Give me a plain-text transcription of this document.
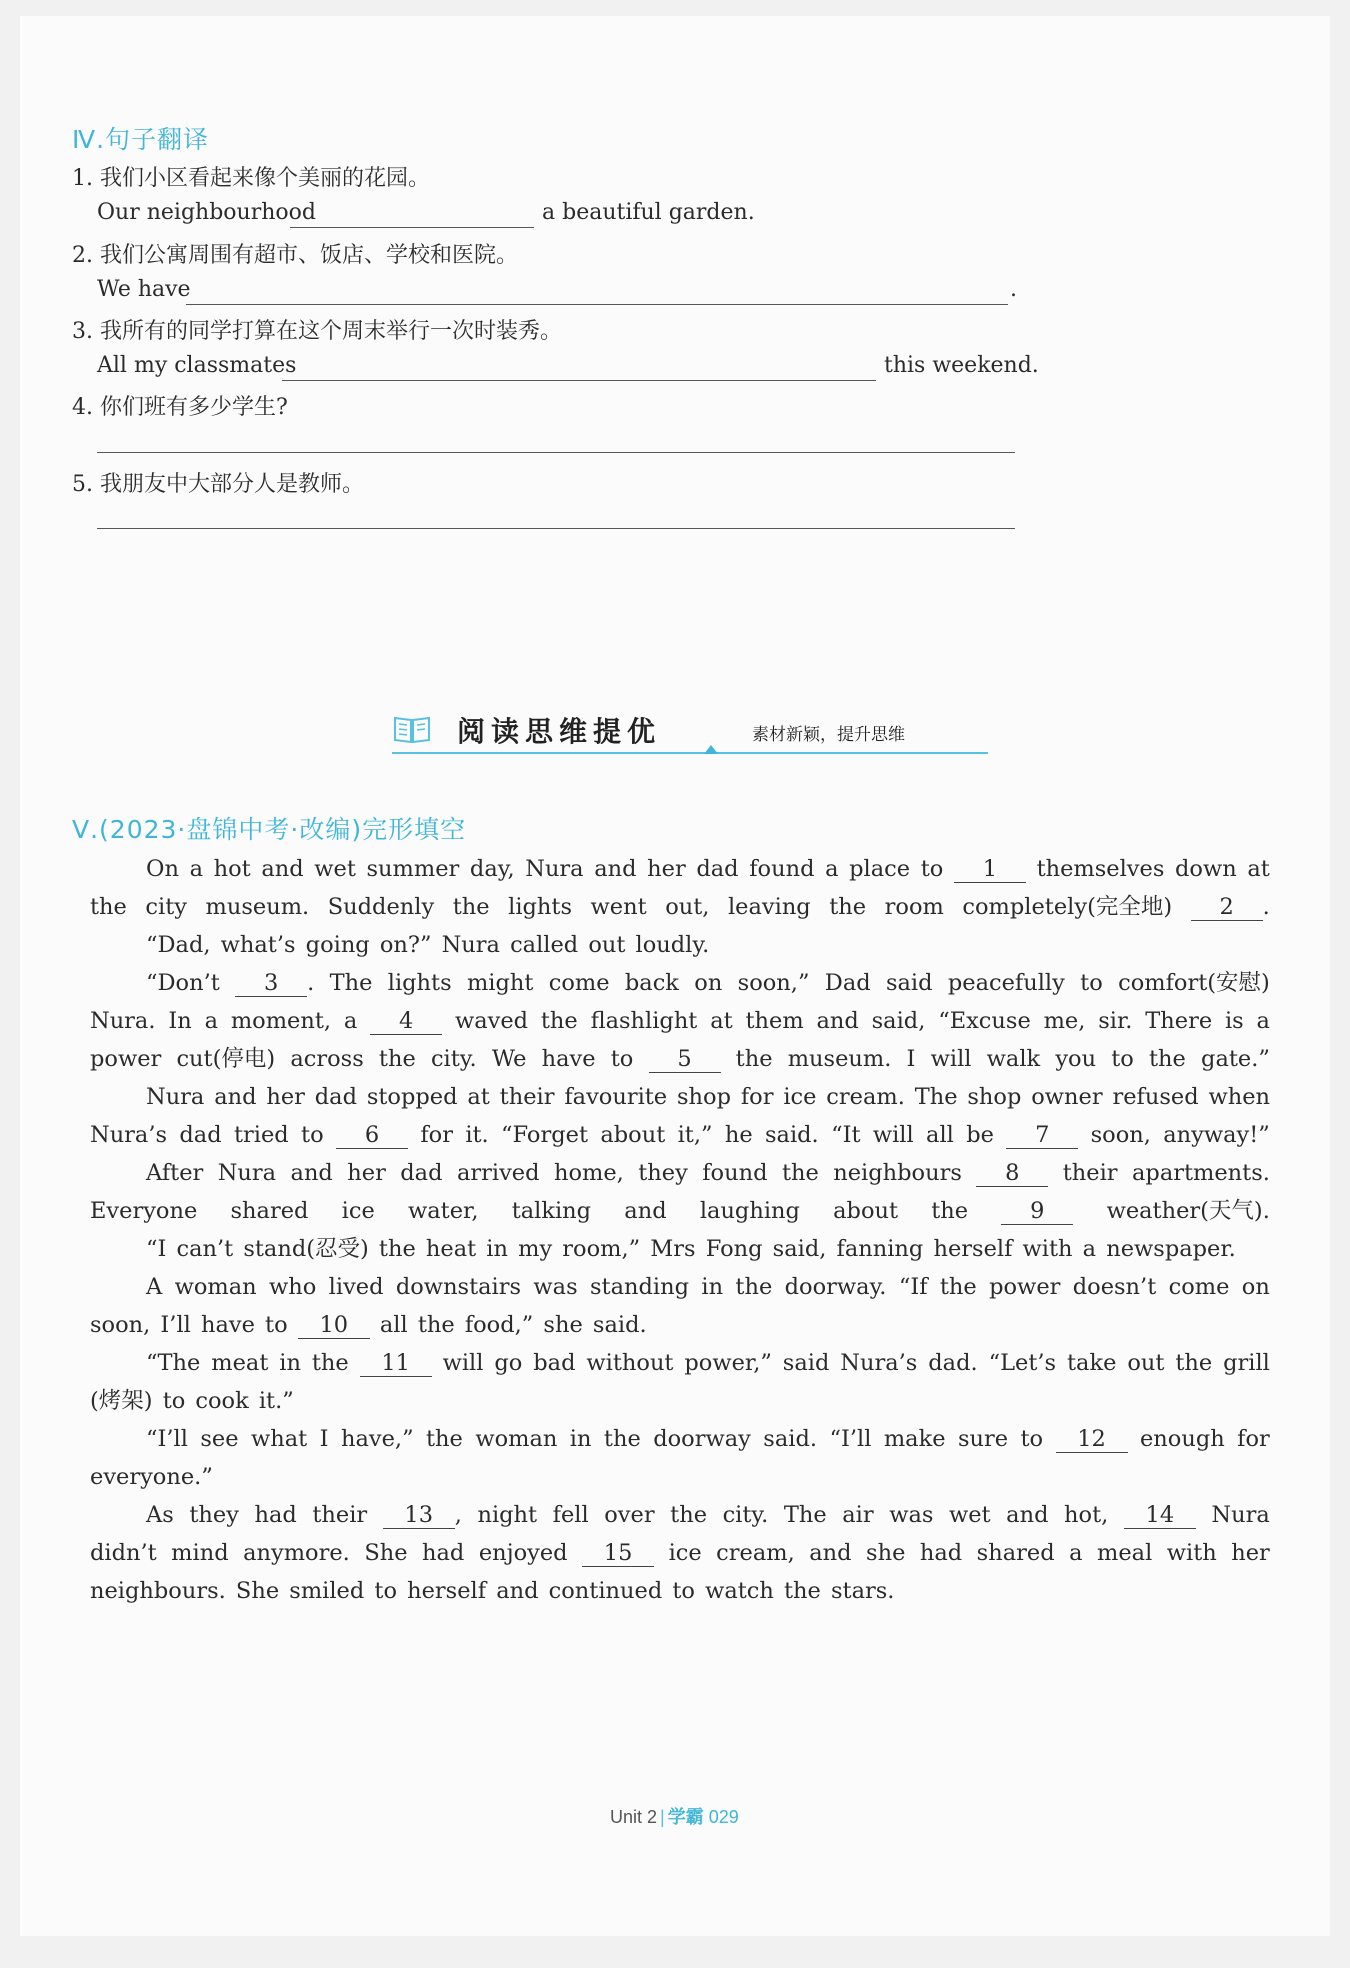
Ⅳ.句子翻译
1. 我们小区看起来像个美丽的花园。
Our neighbourhood	a beautiful garden.
2. 我们公寓周围有超市、饭店、学校和医院。
We have	.
3. 我所有的同学打算在这个周末举行一次时装秀。
All my classmates	this weekend.
4. 你们班有多少学生?
5. 我朋友中大部分人是教师。
阅读思维提优	素材新颖，提升思维
Ⅴ.(2023·盘锦中考·改编)完形填空
On a hot and wet summer day, Nura and her dad found a place to	1	themselves down at
the city museum. Suddenly the lights went out, leaving the room completely(完全地)	2 .
“Dad, what’s going on?” Nura called out loudly.
“Don’t	3 . The lights might come back on soon,” Dad said peacefully to comfort(安慰)
Nura. In a moment, a	4	waved the flashlight at them and said, “Excuse me, sir. There is a
power cut(停电) across the city. We have to	5	the museum. I will walk you to the gate.”
Nura and her dad stopped at their favourite shop for ice cream. The shop owner refused when
Nura’s dad tried to	6	for it. “Forget about it,” he said. “It will all be	7	soon, anyway!”
After Nura and her dad arrived home, they found the neighbours	8	their apartments.
Everyone shared ice water, talking and laughing about the	9	weather(天气).
“I can’t stand(忍受) the heat in my room,” Mrs Fong said, fanning herself with a newspaper.
A woman who lived downstairs was standing in the doorway. “If the power doesn’t come on
soon, I’ll have to	10	all the food,” she said.
“The meat in the	11	will go bad without power,” said Nura’s dad. “Let’s take out the grill
(烤架) to cook it.”
“I’ll see what I have,” the woman in the doorway said. “I’ll make sure to	12	enough for
everyone.”
As they had their	13 , night fell over the city. The air was wet and hot,	14	Nura
didn’t mind anymore. She had enjoyed	15	ice cream, and she had shared a meal with her
neighbours. She smiled to herself and continued to watch the stars.
Unit 2 | 学霸 029
